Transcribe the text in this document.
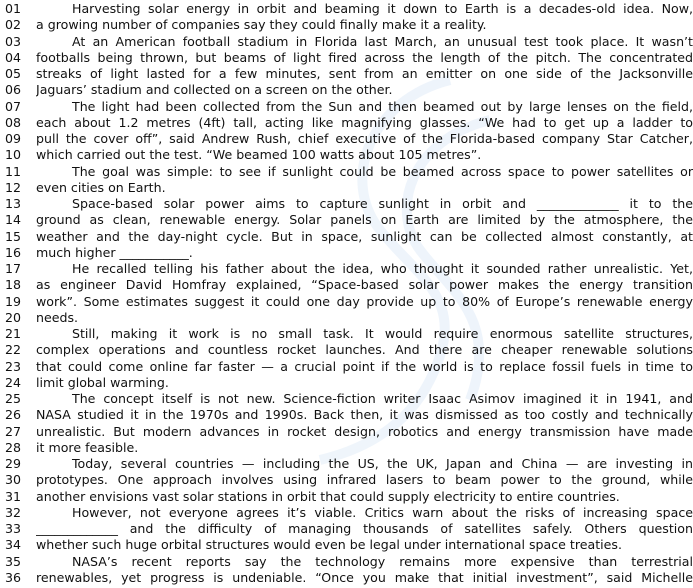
01	Harvesting solar energy in orbit and beaming it down to Earth is a decades-old idea. Now,
02	a growing number of companies say they could finally make it a reality.
03	At an American football stadium in Florida last March, an unusual test took place. It wasn’t
04	footballs being thrown, but beams of light fired across the length of the pitch. The concentrated
05	streaks of light lasted for a few minutes, sent from an emitter on one side of the Jacksonville
06	Jaguars’ stadium and collected on a screen on the other.
07	The light had been collected from the Sun and then beamed out by large lenses on the field,
08	each about 1.2 metres (4ft) tall, acting like magnifying glasses. “We had to get up a ladder to
09	pull the cover off”, said Andrew Rush, chief executive of the Florida-based company Star Catcher,
10	which carried out the test. “We beamed 100 watts about 105 metres”.
11	The goal was simple: to see if sunlight could be beamed across space to power satellites or
12	even cities on Earth.
13	Space-based solar power aims to capture sunlight in orbit and _____________ it to the
14	ground as clean, renewable energy. Solar panels on Earth are limited by the atmosphere, the
15	weather and the day-night cycle. But in space, sunlight can be collected almost constantly, at
16	much higher ___________.
17	He recalled telling his father about the idea, who thought it sounded rather unrealistic. Yet,
18	as engineer David Homfray explained, “Space-based solar power makes the energy transition
19	work”. Some estimates suggest it could one day provide up to 80% of Europe’s renewable energy
20	needs.
21	Still, making it work is no small task. It would require enormous satellite structures,
22	complex operations and countless rocket launches. And there are cheaper renewable solutions
23	that could come online far faster — a crucial point if the world is to replace fossil fuels in time to
24	limit global warming.
25	The concept itself is not new. Science-fiction writer Isaac Asimov imagined it in 1941, and
26	NASA studied it in the 1970s and 1990s. Back then, it was dismissed as too costly and technically
27	unrealistic. But modern advances in rocket design, robotics and energy transmission have made
28	it more feasible.
29	Today, several countries — including the US, the UK, Japan and China — are investing in
30	prototypes. One approach involves using infrared lasers to beam power to the ground, while
31	another envisions vast solar stations in orbit that could supply electricity to entire countries.
32	However, not everyone agrees it’s viable. Critics warn about the risks of increasing space
33	_____________ and the difficulty of managing thousands of satellites safely. Others question
34	whether such huge orbital structures would even be legal under international space treaties.
35	NASA’s recent reports say the technology remains more expensive than terrestrial
36	renewables, yet progress is undeniable. “Once you make that initial investment”, said Michelle
